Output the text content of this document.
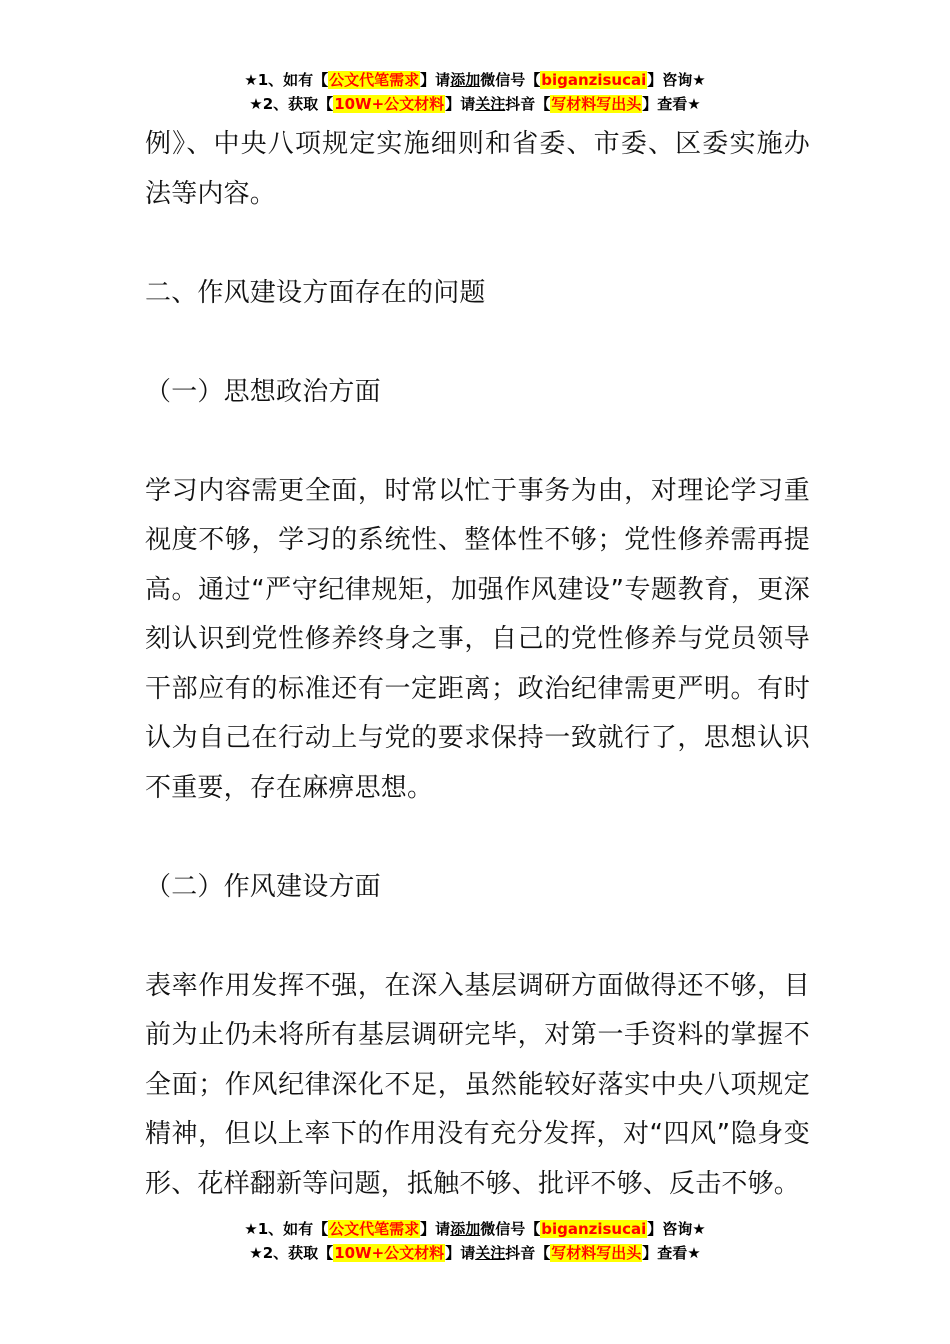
★1、如有【公文代笔需求】请添加微信号【biganzisucai】咨询★
★2、获取【10W+公文材料】请关注抖音【写材料写出头】查看★

例》、中央八项规定实施细则和省委、市委、区委实施办法等内容。

二、作风建设方面存在的问题

（一）思想政治方面

学习内容需更全面，时常以忙于事务为由，对理论学习重视度不够，学习的系统性、整体性不够；党性修养需再提高。通过“严守纪律规矩，加强作风建设”专题教育，更深刻认识到党性修养终身之事，自己的党性修养与党员领导干部应有的标准还有一定距离；政治纪律需更严明。有时认为自己在行动上与党的要求保持一致就行了，思想认识不重要，存在麻痹思想。

（二）作风建设方面

表率作用发挥不强，在深入基层调研方面做得还不够，目前为止仍未将所有基层调研完毕，对第一手资料的掌握不全面；作风纪律深化不足，虽然能较好落实中央八项规定精神，但以上率下的作用没有充分发挥，对“四风”隐身变形、花样翻新等问题，抵触不够、批评不够、反击不够。

★1、如有【公文代笔需求】请添加微信号【biganzisucai】咨询★
★2、获取【10W+公文材料】请关注抖音【写材料写出头】查看★
